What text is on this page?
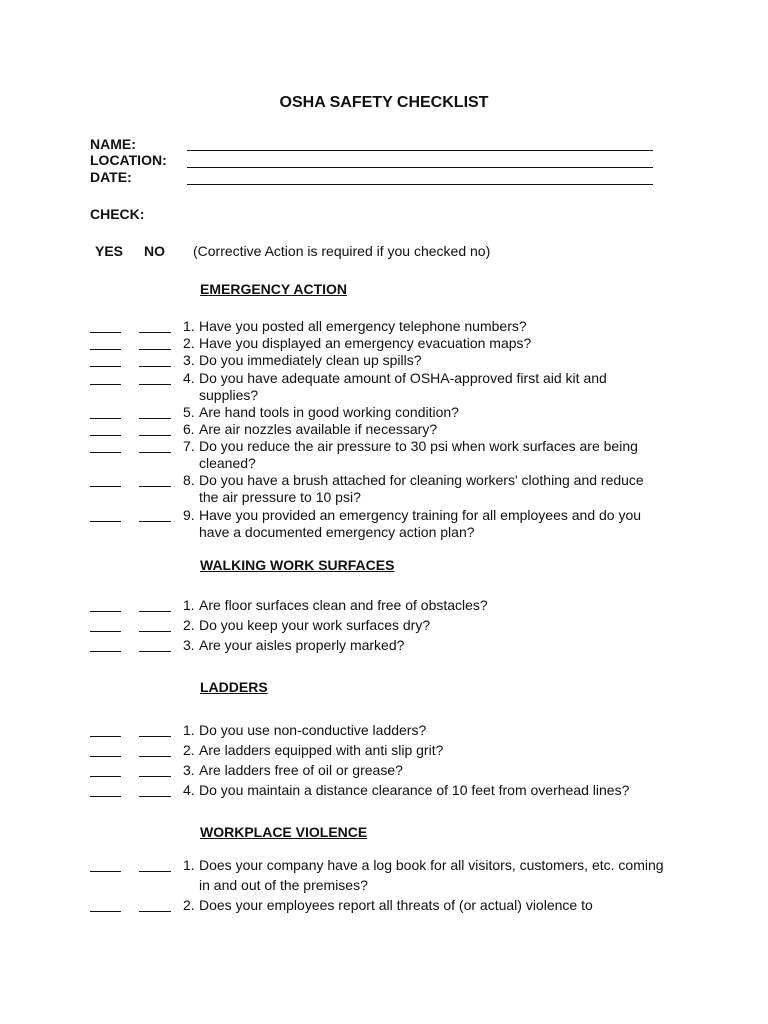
OSHA SAFETY CHECKLIST
NAME:
LOCATION:
DATE:
CHECK:
YES NO (Corrective Action is required if you checked no)
EMERGENCY ACTION
1. Have you posted all emergency telephone numbers?
2. Have you displayed an emergency evacuation maps?
3. Do you immediately clean up spills?
4. Do you have adequate amount of OSHA-approved first aid kit and
supplies?
5. Are hand tools in good working condition?
6. Are air nozzles available if necessary?
7. Do you reduce the air pressure to 30 psi when work surfaces are being
cleaned?
8. Do you have a brush attached for cleaning workers' clothing and reduce
the air pressure to 10 psi?
9. Have you provided an emergency training for all employees and do you
have a documented emergency action plan?
WALKING WORK SURFACES
1. Are floor surfaces clean and free of obstacles?
2. Do you keep your work surfaces dry?
3. Are your aisles properly marked?
LADDERS
1. Do you use non-conductive ladders?
2. Are ladders equipped with anti slip grit?
3. Are ladders free of oil or grease?
4. Do you maintain a distance clearance of 10 feet from overhead lines?
WORKPLACE VIOLENCE
1. Does your company have a log book for all visitors, customers, etc. coming
in and out of the premises?
2. Does your employees report all threats of (or actual) violence to
